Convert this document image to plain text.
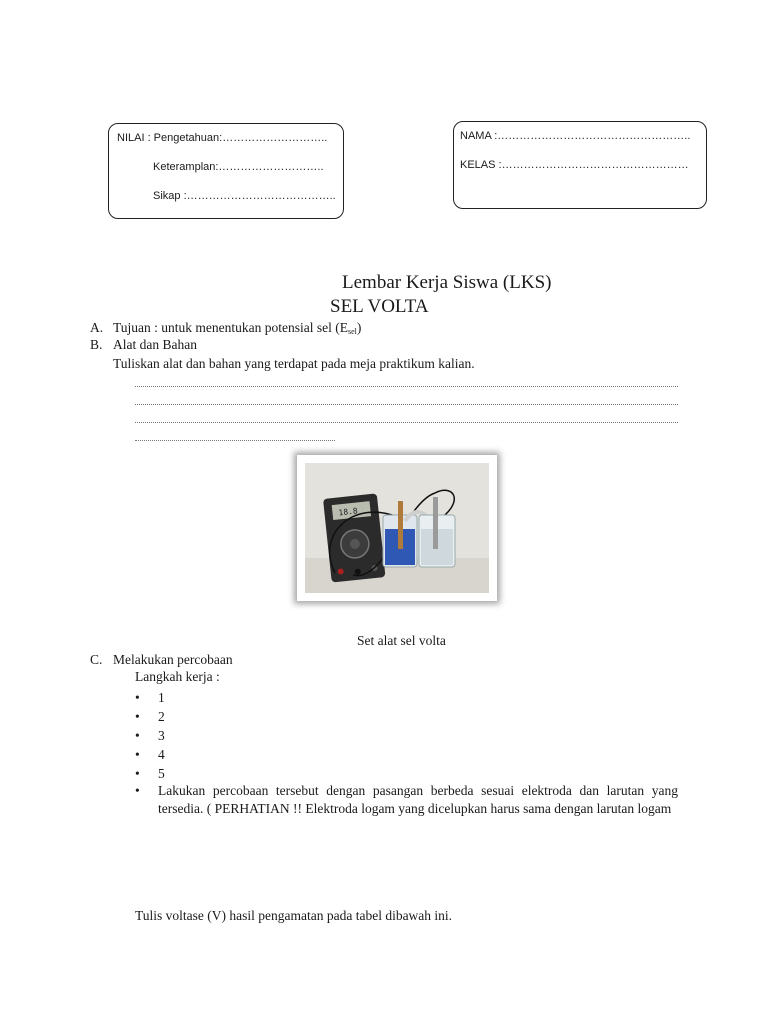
NILAI : Pengetahuan:………………………..
Keteramplan:………………………..
Sikap :…………………………………..
NAMA :……………………………………………..
KELAS :……………………………………………
Lembar Kerja Siswa (LKS)
SEL VOLTA
A. Tujuan : untuk menentukan potensial sel $(E_{sel})$
B. Alat dan Bahan
Tuliskan alat dan bahan yang terdapat pada meja praktikum kalian.
18.8
Set alat sel volta
C. Melakukan percobaan
Langkah kerja :
• 1
• 2
• 3
• 4
• 5
• Lakukan percobaan tersebut dengan pasangan berbeda sesuai elektroda dan larutan yang tersedia. ( PERHATIAN !! Elektroda logam yang dicelupkan harus sama dengan larutan logam
Tulis voltase (V) hasil pengamatan pada tabel dibawah ini.
